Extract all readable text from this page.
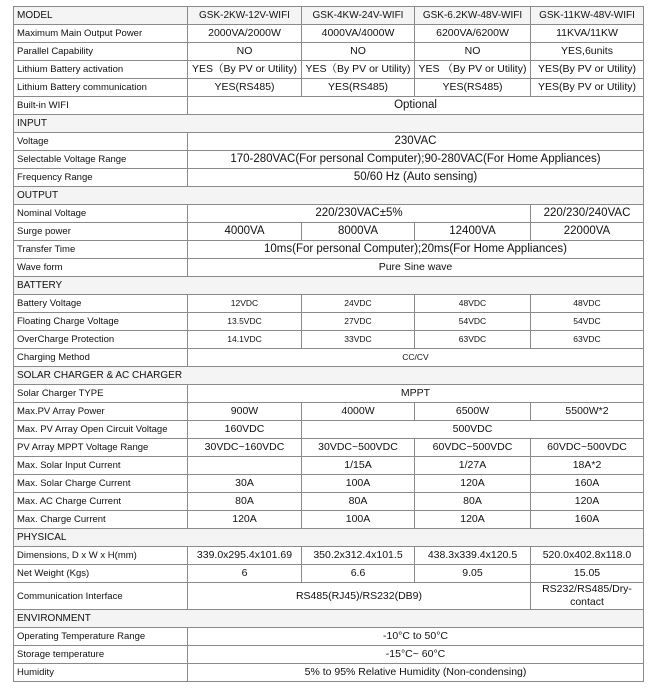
MODEL	GSK-2KW-12V-WIFI	GSK-4KW-24V-WIFI	GSK-6.2KW-48V-WIFI	GSK-11KW-48V-WIFI
Maximum Main Output Power	2000VA/2000W	4000VA/4000W	6200VA/6200W	11KVA/11KW
Parallel Capability	NO	NO	NO	YES,6units
Lithium Battery activation	YES（By PV or Utility)	YES（By PV or Utility)	YES （By PV or Utility)	YES(By PV or Utility)
Lithium Battery communication	YES(RS485)	YES(RS485)	YES(RS485)	YES(By PV or Utility)
Built-in WIFI	Optional			
INPUT				
Voltage	230VAC			
Selectable Voltage Range	170-280VAC(For personal Computer);90-280VAC(For Home Appliances)			
Frequency Range	50/60 Hz (Auto sensing)			
OUTPUT				
Nominal Voltage	220/230VAC±5%			220/230/240VAC
Surge power	4000VA	8000VA	12400VA	22000VA
Transfer Time	10ms(For personal Computer);20ms(For Home Appliances)			
Wave form	Pure Sine wave			
BATTERY				
Battery Voltage	12VDC	24VDC	48VDC	48VDC
Floating Charge Voltage	13.5VDC	27VDC	54VDC	54VDC
OverCharge Protection	14.1VDC	33VDC	63VDC	63VDC
Charging Method	CC/CV			
SOLAR CHARGER & AC CHARGER				
Solar Charger TYPE	MPPT			
Max.PV Array Power	900W	4000W	6500W	5500W*2
Max. PV Array Open Circuit Voltage	160VDC	500VDC		
PV Array MPPT Voltage Range	30VDC~160VDC	30VDC~500VDC	60VDC~500VDC	60VDC~500VDC
Max. Solar Input Current		1/15A	1/27A	18A*2
Max. Solar Charge Current	30A	100A	120A	160A
Max. AC Charge Current	80A	80A	80A	120A
Max. Charge Current	120A	100A	120A	160A
PHYSICAL				
Dimensions, D x W x H(mm)	339.0x295.4x101.69	350.2x312.4x101.5	438.3x339.4x120.5	520.0x402.8x118.0
Net Weight (Kgs)	6	6.6	9.05	15.05
Communication Interface	RS485(RJ45)/RS232(DB9)			RS232/RS485/Dry-contact
ENVIRONMENT				
Operating Temperature Range	-10°C to 50°C			
Storage temperature	-15°C~ 60°C			
Humidity	5% to 95% Relative Humidity (Non-condensing)			
